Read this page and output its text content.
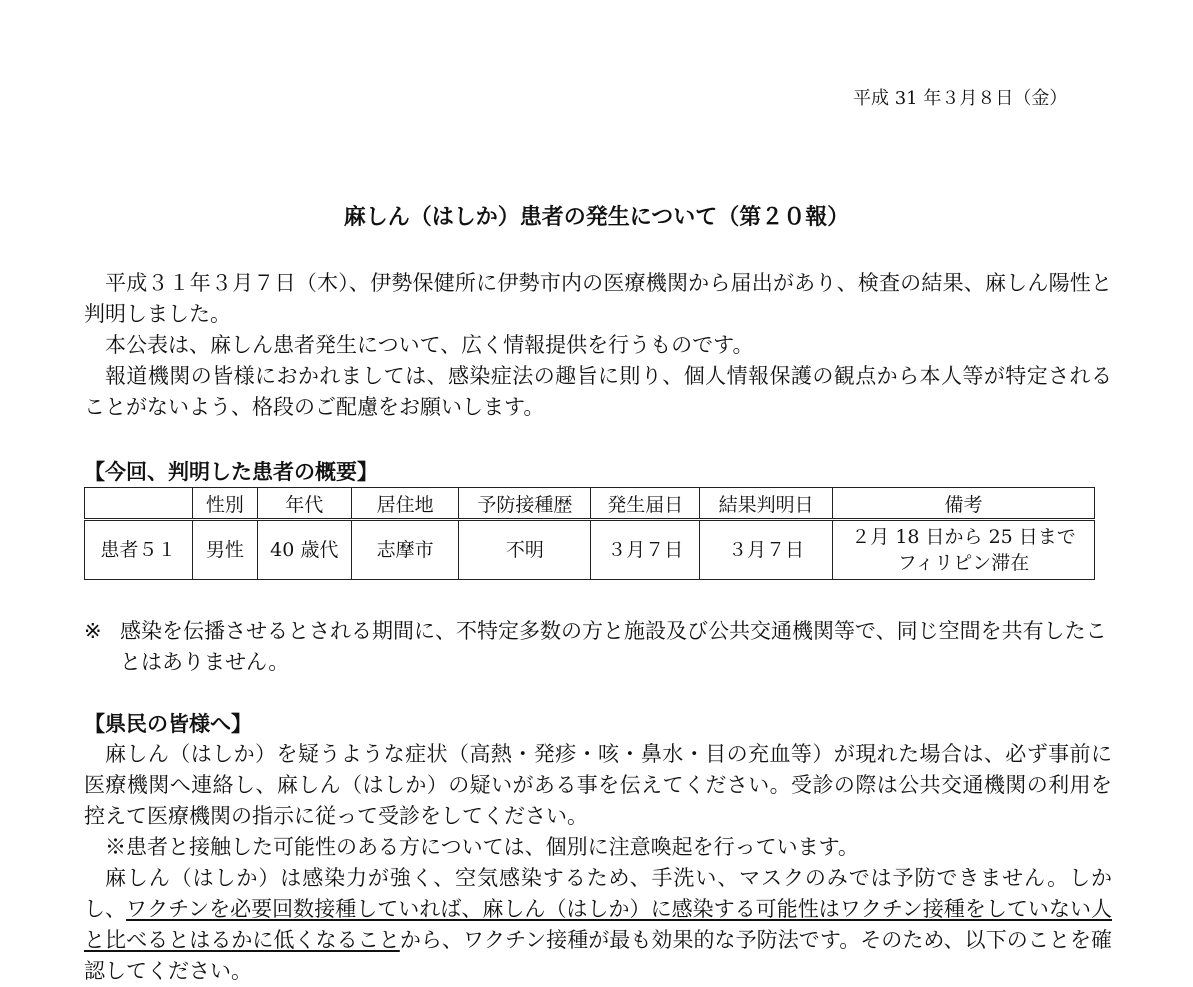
平成 31 年３月８日（金）
麻しん（はしか）患者の発生について（第２０報）

平成３１年３月７日（木）、伊勢保健所に伊勢市内の医療機関から届出があり、検査の結果、麻しん陽性と判明しました。

本公表は、麻しん患者発生について、広く情報提供を行うものです。

報道機関の皆様におかれましては、感染症法の趣旨に則り、個人情報保護の観点から本人等が特定されることがないよう、格段のご配慮をお願いします。

【今回、判明した患者の概要】
	性別	年代	居住地	予防接種歴	発生届日	結果判明日	備考
患者５１	男性	40 歳代	志摩市	不明	３月７日	３月７日	２月 18 日から 25 日まで
フィリピン滞在
※ 感染を伝播させるとされる期間に、不特定多数の方と施設及び公共交通機関等で、同じ空間を共有したことはありません。
【県民の皆様へ】

麻しん（はしか）を疑うような症状（高熱・発疹・咳・鼻水・目の充血等）が現れた場合は、必ず事前に医療機関へ連絡し、麻しん（はしか）の疑いがある事を伝えてください。受診の際は公共交通機関の利用を控えて医療機関の指示に従って受診をしてください。

※患者と接触した可能性のある方については、個別に注意喚起を行っています。

麻しん（はしか）は感染力が強く、空気感染するため、手洗い、マスクのみでは予防できません。しかし、ワクチンを必要回数接種していれば、麻しん（はしか）に感染する可能性はワクチン接種をしていない人と比べるとはるかに低くなることから、ワクチン接種が最も効果的な予防法です。そのため、以下のことを確認してください。
